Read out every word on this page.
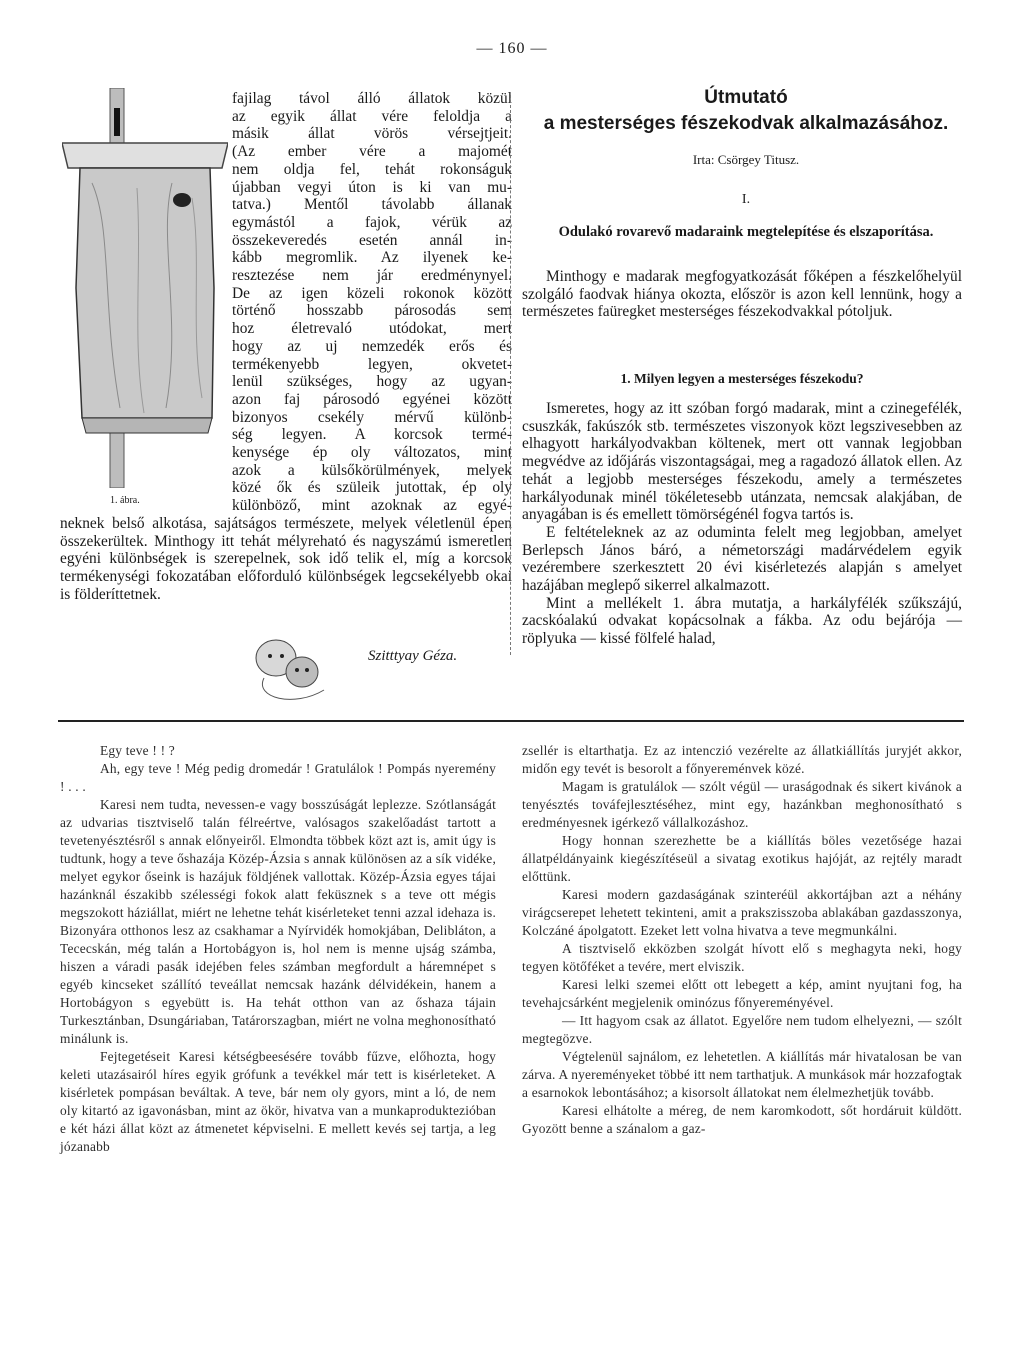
— 160 —
1. ábra.
fajilag távol álló állatok közül
az egyik állat vére feloldja a
másik állat vörös vérsejtjeit.
(Az ember vére a majomét
nem oldja fel, tehát rokonságuk
újabban vegyi úton is ki van mu-
tatva.) Mentől távolabb állanak
egymástól a fajok, vérük az
összekeveredés esetén annál in-
kább megromlik. Az ilyenek ke-
resztezése nem jár eredménynyel.
De az igen közeli rokonok között
történő hosszabb párosodás sem
hoz életrevaló utódokat, mert
hogy az uj nemzedék erős és
termékenyebb legyen, okvetet-
lenül szükséges, hogy az ugyan-
azon faj párosodó egyénei között
bizonyos csekély mérvű különb-
ség legyen. A korcsok termé-
kenysége ép oly változatos, mint
azok a külsőkörülmények, melyek
közé ők és szüleik jutottak, ép oly
különböző, mint azoknak az egyé-

neknek belső alkotása, sajátságos természete, melyek véletlenül épen összekerültek. Minthogy itt tehát mélyreható és nagyszámú ismeretlen egyéni különbségek is szerepelnek, sok idő telik el, míg a korcsok termékenységi fokozatában előforduló különbségek legcsekélyebb okai is földeríttetnek.

Szitttyay Géza.
Útmutató
a mesterséges fészekodvak alkalmazásához.
Irta: Csörgey Titusz.
I.
Odulakó rovarevő madaraink megtelepítése és elszaporítása.

Minthogy e madarak megfogyatkozását főképen a fészkelőhelyül szolgáló faodvak hiánya okozta, először is azon kell lennünk, hogy a természetes faüregket mesterséges fészekodvakkal pótoljuk.

1. Milyen legyen a mesterséges fészekodu?

Ismeretes, hogy az itt szóban forgó madarak, mint a czinegefélék, csuszkák, fakúszók stb. természetes viszonyok közt legszivesebben az elhagyott harkályodvakban költenek, mert ott vannak legjobban megvédve az időjárás viszontagságai, meg a ragadozó állatok ellen. Az tehát a legjobb mesterséges fészekodu, amely a természetes harkályodunak minél tökéletesebb utánzata, nemcsak alakjában, de anyagában is és emellett tömörségénél fogva tartós is.

E feltételeknek az az oduminta felelt meg legjobban, amelyet Berlepsch János báró, a németországi madárvédelem egyik vezérembere szerkesztett 20 évi kisérletezés alapján s amelyet hazájában meglepő sikerrel alkalmazott.

Mint a mellékelt 1. ábra mutatja, a harkályfélék szűkszájú, zacskóalakú odvakat kopácsolnak a fákba. Az odu bejárója — röplyuka — kissé fölfelé halad,

Egy teve ! ! ?

Ah, egy teve ! Még pedig dromedár ! Gratulálok ! Pompás nyeremény ! . . .

Karesi nem tudta, nevessen-e vagy bosszúságát leplezze. Szótlanságát az udvarias tisztviselő talán félreértve, valósagos szakelőadást tartott a tevetenyésztésről s annak előnyeiről. Elmondta többek közt azt is, amit úgy is tudtunk, hogy a teve őshazája Közép-Ázsia s annak különösen az a sík vidéke, melyet egykor őseink is hazájuk földjének vallottak. Közép-Ázsia egyes tájai hazánknál északibb szélességi fokok alatt feküsznek s a teve ott mégis megszokott háziállat, miért ne lehetne tehát kisérleteket tenni azzal idehaza is. Bizonyára otthonos lesz az csakhamar a Nyírvidék homokjában, Delibláton, a Tececskán, még talán a Hortobágyon is, hol nem is menne ujság számba, hiszen a váradi pasák idejében feles számban megfordult a háremnépet s egyéb kincseket szállító teveállat nemcsak hazánk délvidékein, hanem a Hortobágyon s egyebütt is. Ha tehát otthon van az őshaza tájain Turkesztánban, Dsungáriaban, Tatárorszagban, miért ne volna meghonosítható minálunk is.

Fejtegetéseit Karesi kétségbeesésére tovább fűzve, előhozta, hogy keleti utazásairól híres egyik grófunk a tevékkel már tett is kisérleteket. A kisérletek pompásan beváltak. A teve, bár nem oly gyors, mint a ló, de nem oly kitartó az igavonásban, mint az ökör, hivatva van a munkaproduktezióban e két házi állat közt az átmenetet képviselni. E mellett kevés sej tartja, a leg józanabb

zsellér is eltarthatja. Ez az intenczió vezérelte az állatkiállítás juryjét akkor, midőn egy tevét is besorolt a főnyereménvek közé.

Magam is gratulálok — szólt végül — uraságodnak és sikert kivánok a tenyésztés továfejlesztéséhez, mint egy, hazánkban meghonosítható s eredményesnek igérkező vállalkozáshoz.

Hogy honnan szerezhette be a kiállítás böles vezetősége hazai állatpéldányaink kiegészítéseül a sivatag exotikus hajóját, az rejtély maradt előttünk.

Karesi modern gazdaságának szinteréül akkortájban azt a néhány virágcserepet lehetett tekinteni, amit a prakszisszoba ablakában gazdasszonya, Kolczáné ápolgatott. Ezeket lett volna hivatva a teve megmunkálni.

A tisztviselő ekközben szolgát hívott elő s meghagyta neki, hogy tegyen kötőféket a tevére, mert elviszik.

Karesi lelki szemei előtt ott lebegett a kép, amint nyujtani fog, ha tevehajcsárként megjelenik ominózus főnyereményével.

— Itt hagyom csak az állatot. Egyelőre nem tudom elhelyezni, — szólt megtegözve.

Végtelenül sajnálom, ez lehetetlen. A kiállítás már hivatalosan be van zárva. A nyereményeket többé itt nem tarthatjuk. A munkások már hozzafogtak a esarnokok lebontásához; a kisorsolt állatokat nem élelmezhetjük tovább.

Karesi elhátolte a méreg, de nem karomkodott, sőt hordáruit küldött. Gyozött benne a szánalom a gaz-
